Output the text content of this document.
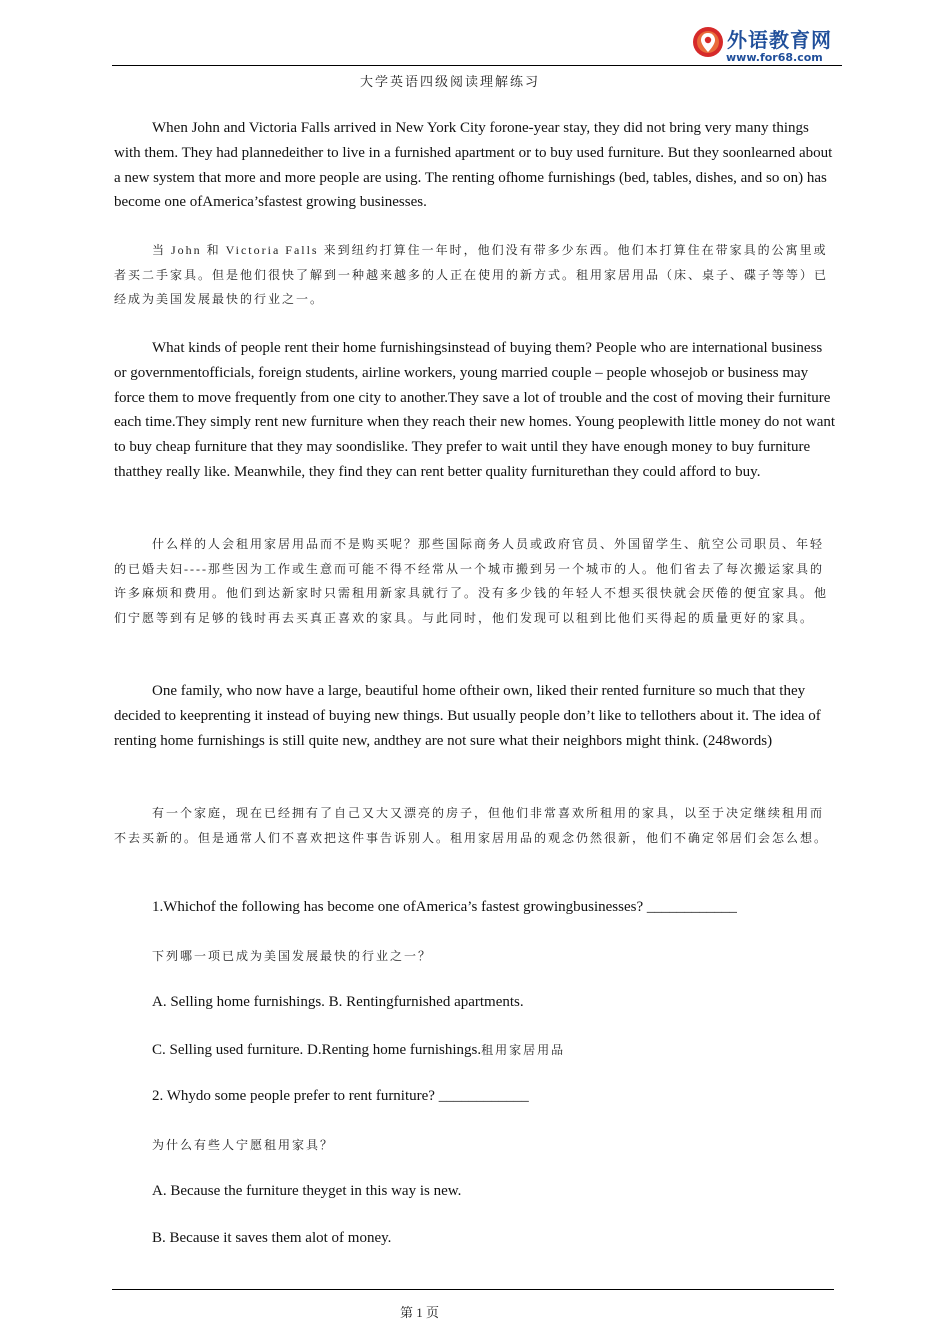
外语教育网
www.for68.com
大学英语四级阅读理解练习

When John and Victoria Falls arrived in New York City forone-year stay, they did not bring very many things with them. They had plannedeither to live in a furnished apartment or to buy used furniture. But they soonlearned about a new system that more and more people are using. The renting ofhome furnishings (bed, tables, dishes, and so on) has become one ofAmerica’sfastest growing businesses.

当 John 和 Victoria Falls 来到纽约打算住一年时，他们没有带多少东西。他们本打算住在带家具的公寓里或者买二手家具。但是他们很快了解到一种越来越多的人正在使用的新方式。租用家居用品（床、桌子、碟子等等）已经成为美国发展最快的行业之一。

What kinds of people rent their home furnishingsinstead of buying them? People who are international business or governmentofficials, foreign students, airline workers, young married couple – people whosejob or business may force them to move frequently from one city to another.They save a lot of trouble and the cost of moving their furniture each time.They simply rent new furniture when they reach their new homes. Young peoplewith little money do not want to buy cheap furniture that they may soondislike. They prefer to wait until they have enough money to buy furniture thatthey really like. Meanwhile, they find they can rent better quality furniturethan they could afford to buy.

什么样的人会租用家居用品而不是购买呢？那些国际商务人员或政府官员、外国留学生、航空公司职员、年轻的已婚夫妇----那些因为工作或生意而可能不得不经常从一个城市搬到另一个城市的人。他们省去了每次搬运家具的许多麻烦和费用。他们到达新家时只需租用新家具就行了。没有多少钱的年轻人不想买很快就会厌倦的便宜家具。他们宁愿等到有足够的钱时再去买真正喜欢的家具。与此同时，他们发现可以租到比他们买得起的质量更好的家具。

One family, who now have a large, beautiful home oftheir own, liked their rented furniture so much that they decided to keeprenting it instead of buying new things. But usually people don’t like to tellothers about it. The idea of renting home furnishings is still quite new, andthey are not sure what their neighbors might think. (248words)

有一个家庭，现在已经拥有了自己又大又漂亮的房子，但他们非常喜欢所租用的家具，以至于决定继续租用而不去买新的。但是通常人们不喜欢把这件事告诉别人。租用家居用品的观念仍然很新，他们不确定邻居们会怎么想。

1.Whichof the following has become one ofAmerica’s fastest growingbusinesses? ____________

下列哪一项已成为美国发展最快的行业之一？

A. Selling home furnishings. B. Rentingfurnished apartments.

C. Selling used furniture. D.Renting home furnishings.租用家居用品

2. Whydo some people prefer to rent furniture? ____________

为什么有些人宁愿租用家具？

A. Because the furniture theyget in this way is new.

B. Because it saves them alot of money.

第 1 页
